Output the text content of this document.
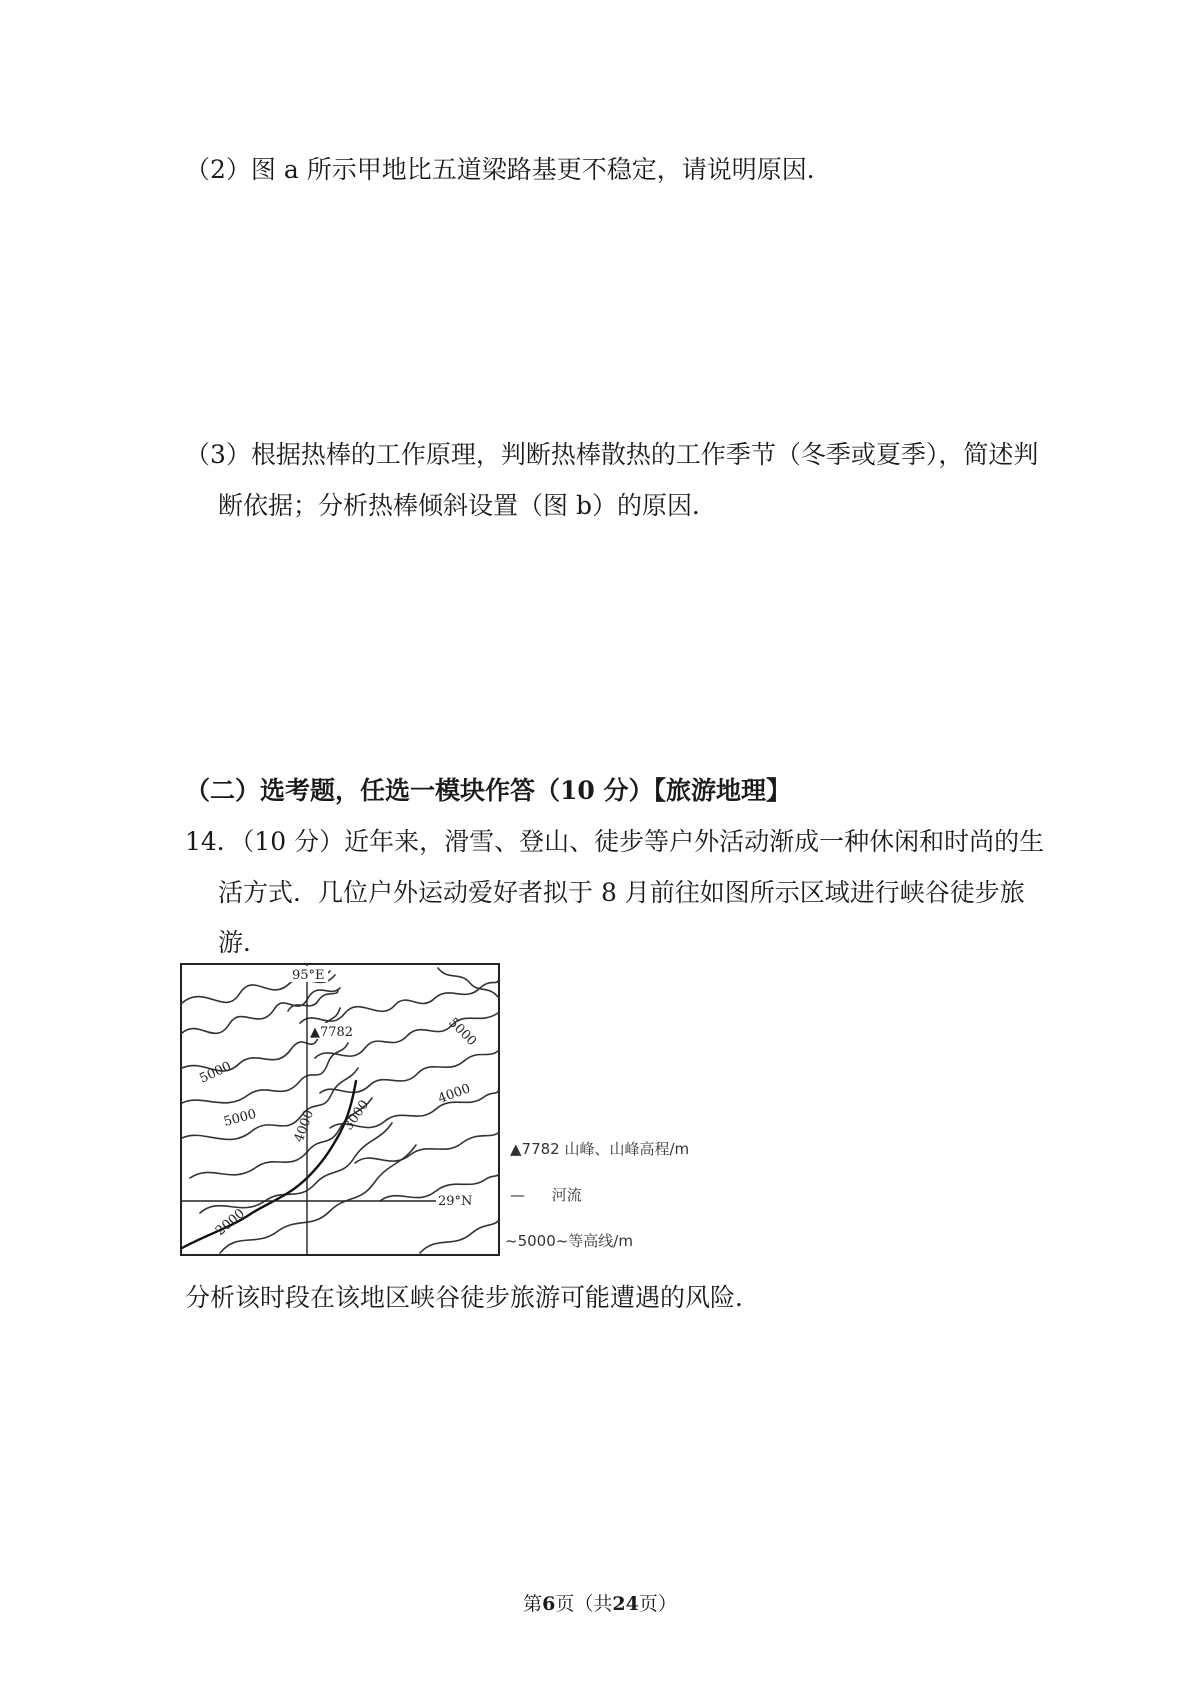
（2）图 a 所示甲地比五道梁路基更不稳定，请说明原因．
（3）根据热棒的工作原理，判断热棒散热的工作季节（冬季或夏季），简述判
断依据；分析热棒倾斜设置（图 b）的原因．
（二）选考题，任选一模块作答（10 分）【旅游地理】
14．（10 分）近年来，滑雪、登山、徒步等户外活动渐成一种休闲和时尚的生
活方式．几位户外运动爱好者拟于 8 月前往如图所示区域进行峡谷徒步旅
游．
95°E
29°N
▲7782	5000
5000
5000
4000
4000 3000
2000
▲7782 山峰、山峰高程/m
— 河流
~5000~等高线/m
分析该时段在该地区峡谷徒步旅游可能遭遇的风险．
第6页（共24页）
